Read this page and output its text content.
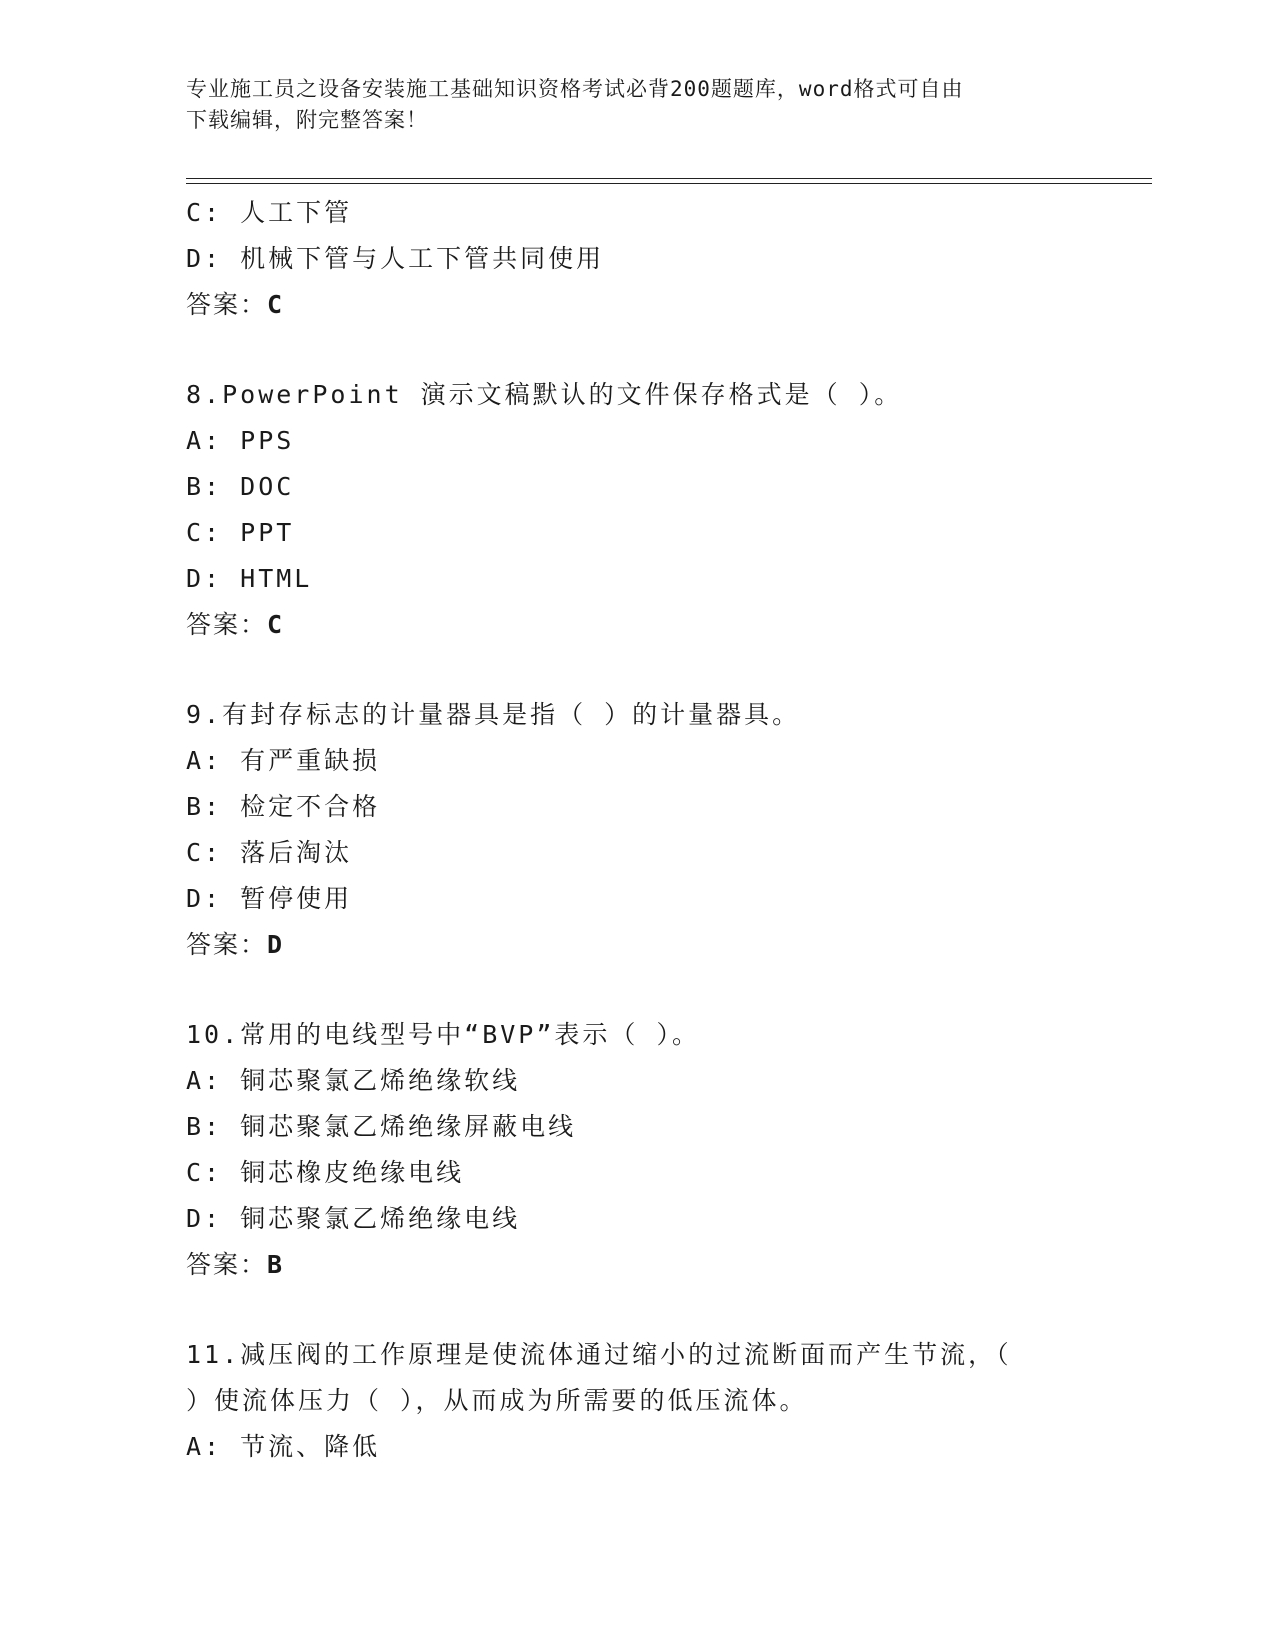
专业施工员之设备安装施工基础知识资格考试必背200题题库，word格式可自由
下载编辑，附完整答案！
C: 人工下管
D: 机械下管与人工下管共同使用
答案：C
8.PowerPoint 演示文稿默认的文件保存格式是（ ）。
A: PPS
B: DOC
C: PPT
D: HTML
答案：C
9.有封存标志的计量器具是指（ ）的计量器具。
A: 有严重缺损
B: 检定不合格
C: 落后淘汰
D: 暂停使用
答案：D
10.常用的电线型号中“BVP”表示（ ）。
A: 铜芯聚氯乙烯绝缘软线
B: 铜芯聚氯乙烯绝缘屏蔽电线
C: 铜芯橡皮绝缘电线
D: 铜芯聚氯乙烯绝缘电线
答案：B
11.减压阀的工作原理是使流体通过缩小的过流断面而产生节流，（
）使流体压力（ ），从而成为所需要的低压流体。
A: 节流、降低
